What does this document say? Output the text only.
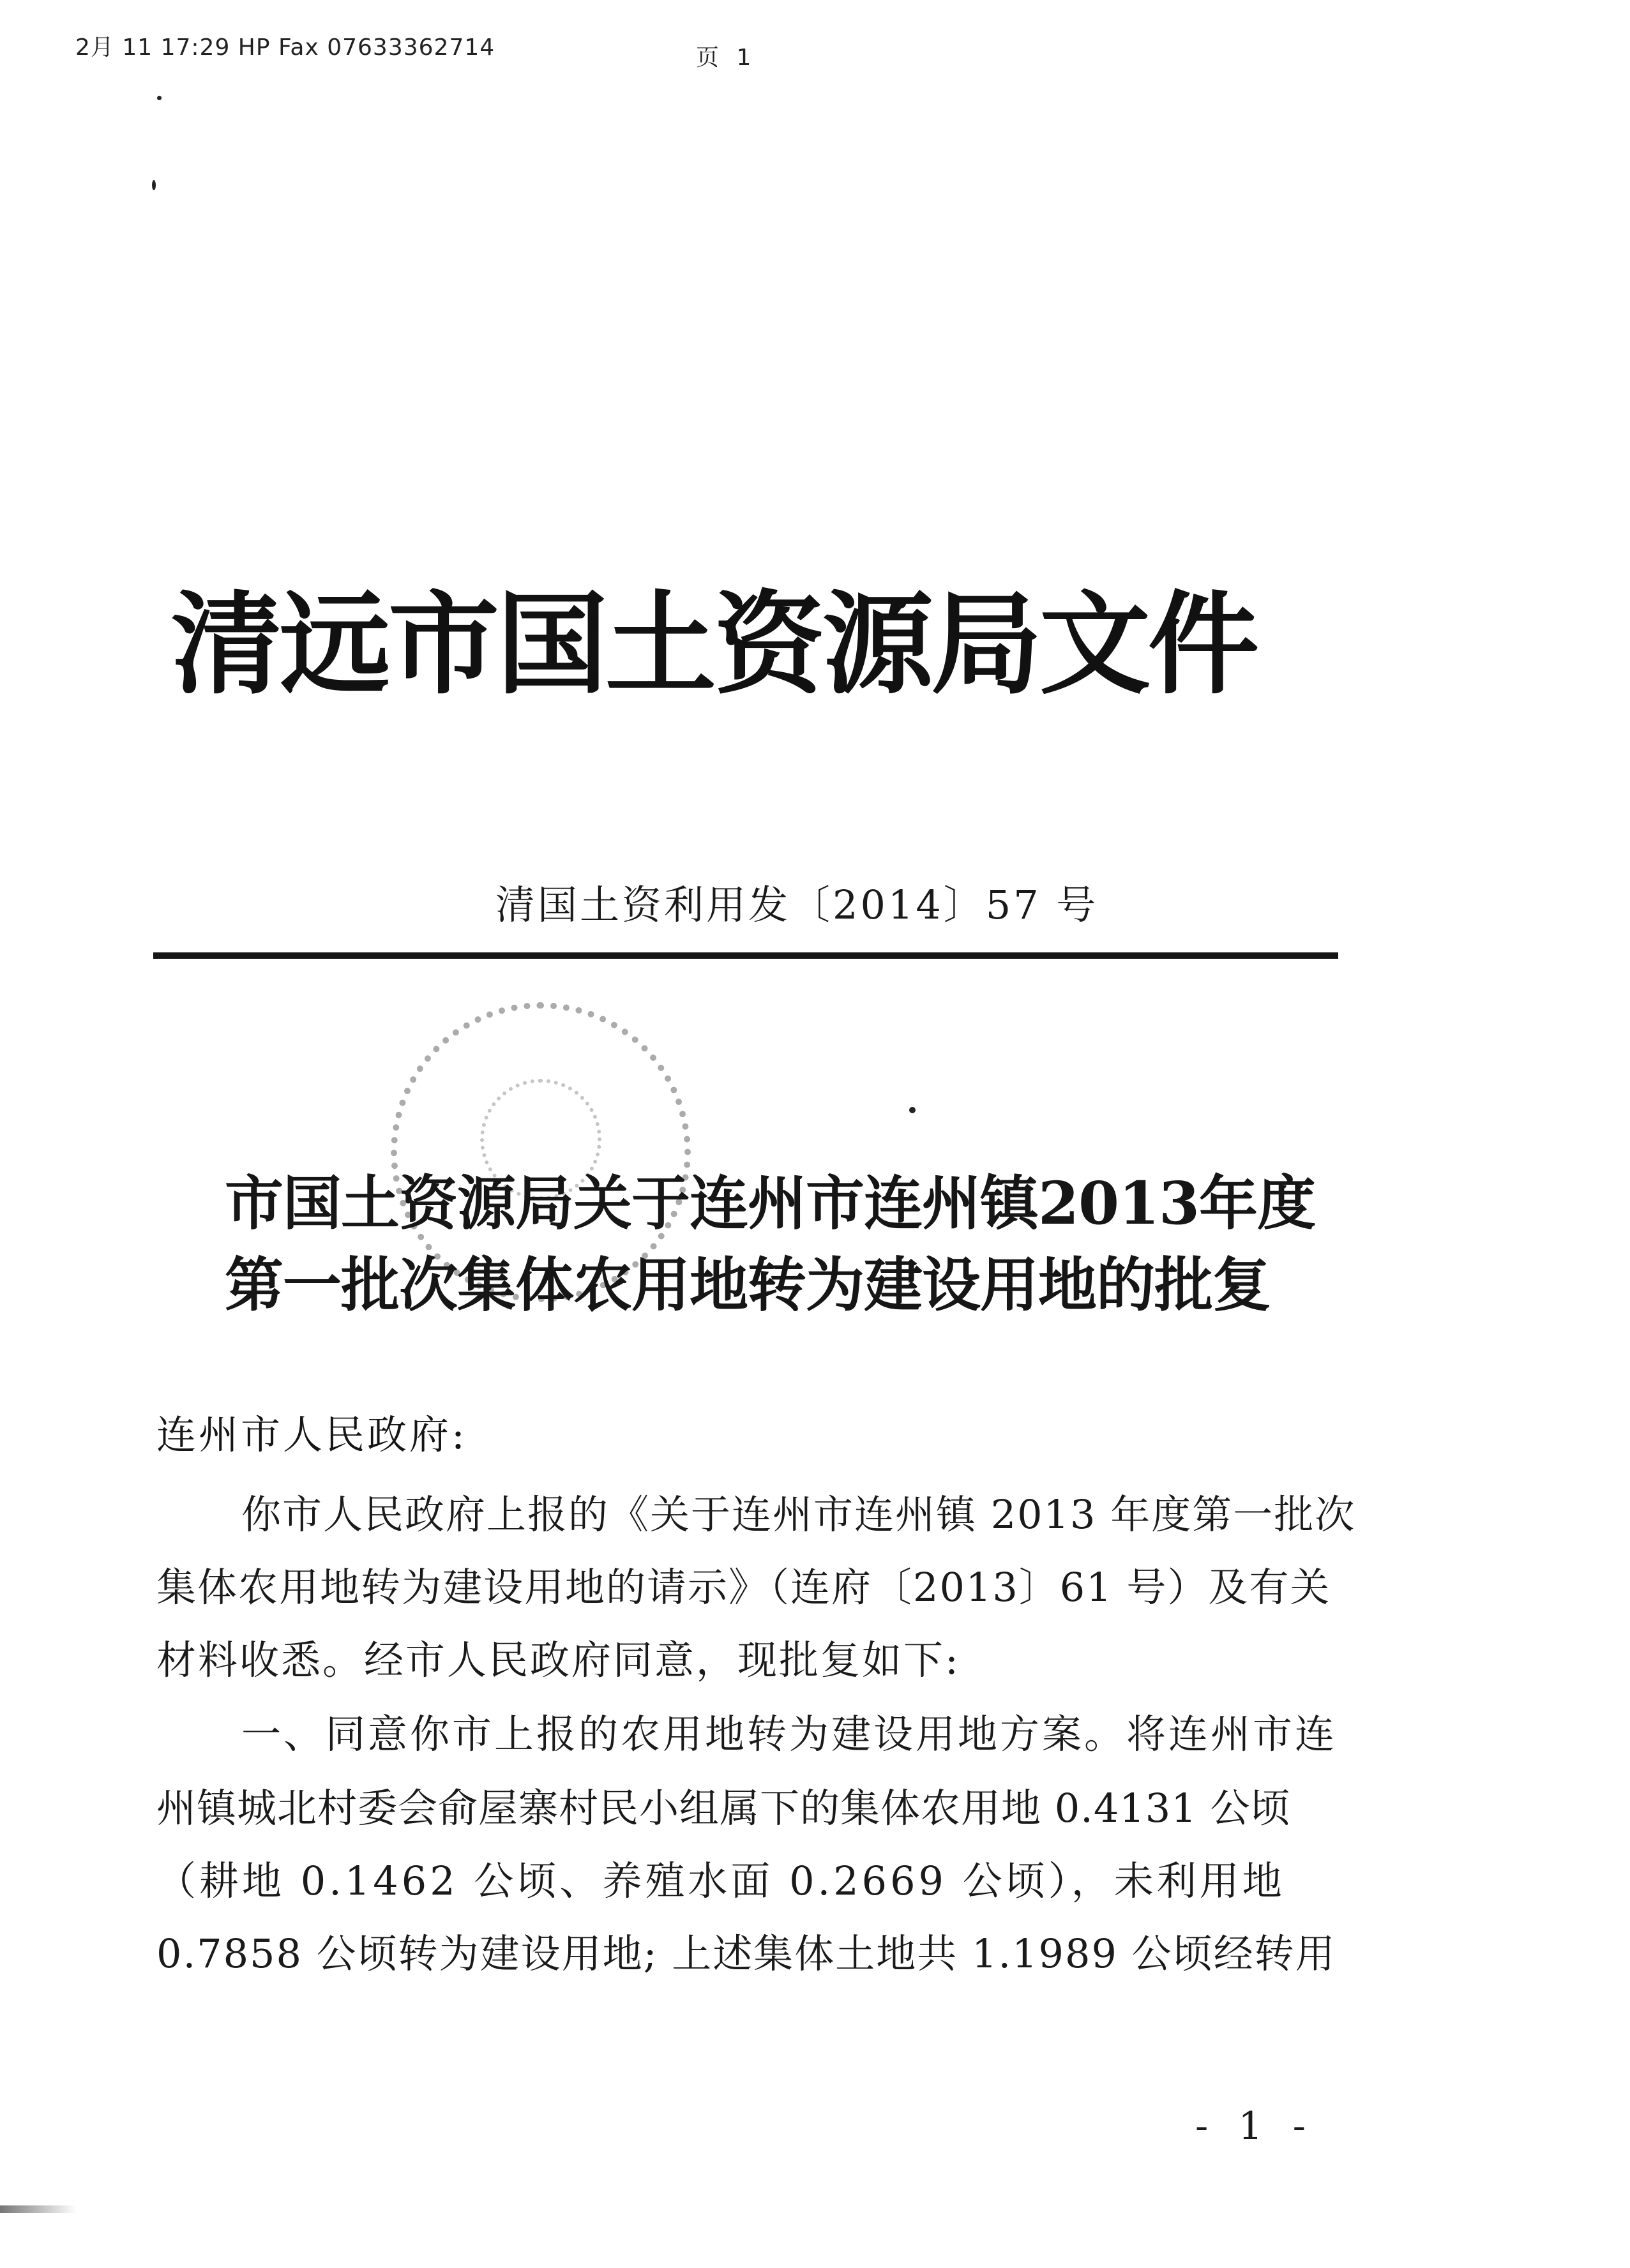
2月 11 17:29 HP Fax 07633362714	页 1
清远市国土资源局文件
清国土资利用发〔2014〕57 号
市国土资源局关于连州市连州镇2013年度
第一批次集体农用地转为建设用地的批复
连州市人民政府:
你市人民政府上报的《关于连州市连州镇 2013 年度第一批次
集体农用地转为建设用地的请示》（连府〔2013〕61 号）及有关
材料收悉。经市人民政府同意，现批复如下:
一、同意你市上报的农用地转为建设用地方案。将连州市连
州镇城北村委会俞屋寨村民小组属下的集体农用地 0.4131 公顷
（耕地 0.1462 公顷、养殖水面 0.2669 公顷），未利用地
0.7858 公顷转为建设用地; 上述集体土地共 1.1989 公顷经转用
- 1 -
